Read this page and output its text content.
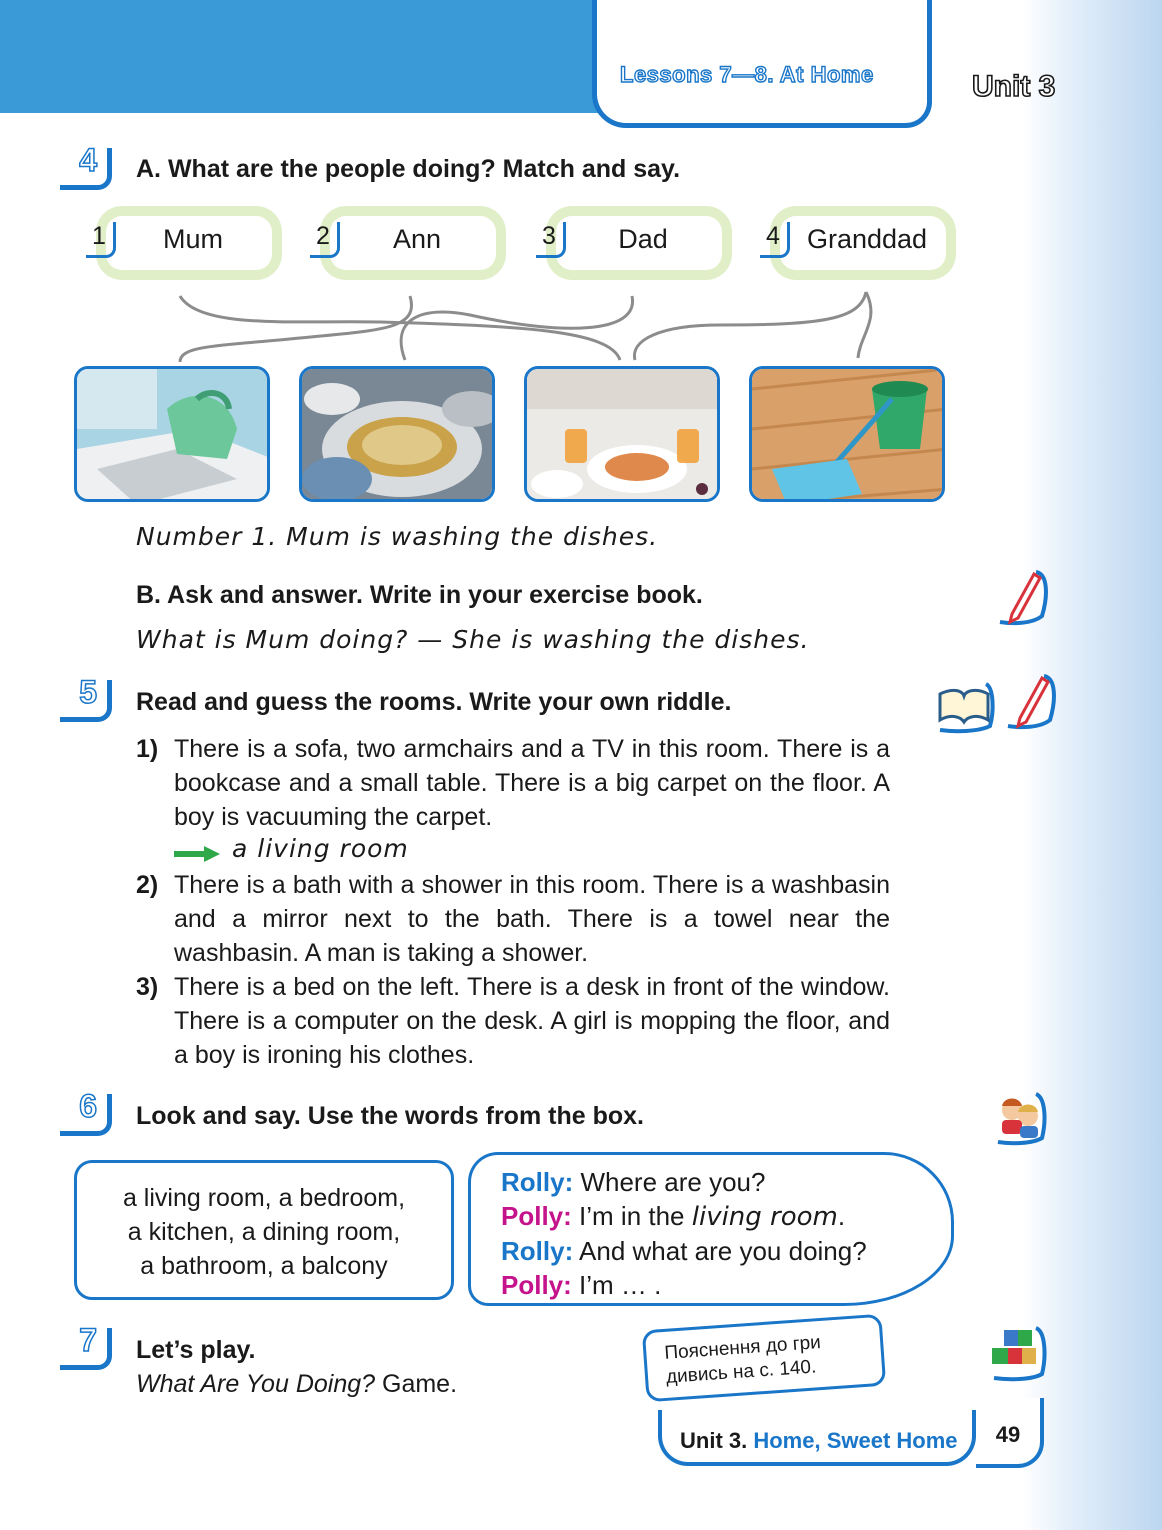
Lessons 7—8. At Home	Unit 3
4 A. What are the people doing? Match and say.
1	Mum	2	Ann	3	Dad	4	Granddad
Number 1. Mum is washing the dishes.
B. Ask and answer. Write in your exercise book.
What is Mum doing? — She is washing the dishes.
5 Read and guess the rooms. Write your own riddle.
1) There is a sofa, two armchairs and a TV in this room. There is a bookcase and a small table. There is a big carpet on the floor. A boy is vacuuming the carpet.
a living room
2) There is a bath with a shower in this room. There is a washbasin and a mirror next to the bath. There is a towel near the washbasin. A man is taking a shower.
3) There is a bed on the left. There is a desk in front of the window. There is a computer on the desk. A girl is mopping the floor, and a boy is ironing his clothes.
6 Look and say. Use the words from the box.
a living room, a bedroom,
a kitchen, a dining room,
a bathroom, a balcony
Rolly: Where are you?
Polly: I’m in the living room.
Rolly: And what are you doing?
Polly: I’m … .
7 Let’s play.
What Are You Doing? Game.
Пояснення до гри
дивись на с. 140.
Unit 3. Home, Sweet Home	49
